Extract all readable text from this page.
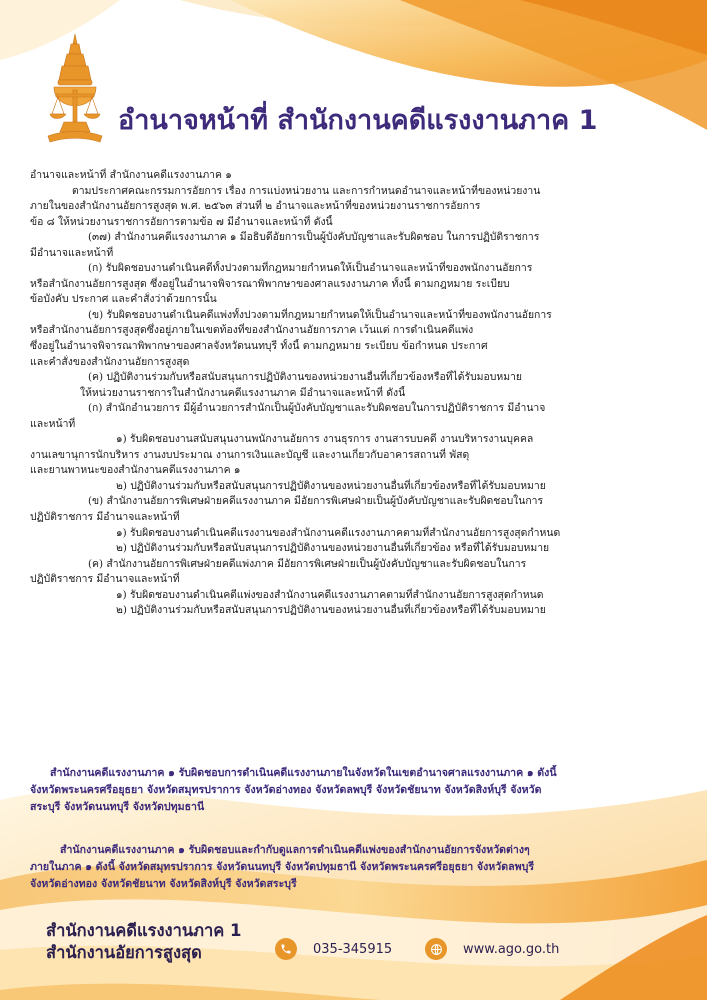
อำนาจหน้าที่ สำนักงานคดีแรงงานภาค 1
อำนาจและหน้าที่ สำนักงานคดีแรงงานภาค ๑
ตามประกาศคณะกรรมการอัยการ เรื่อง การแบ่งหน่วยงาน และการกำหนดอำนาจและหน้าที่ของหน่วยงาน
ภายในของสำนักงานอัยการสูงสุด พ.ศ. ๒๕๖๓ ส่วนที่ ๒ อำนาจและหน้าที่ของหน่วยงานราชการอัยการ
ข้อ ๘ ให้หน่วยงานราชการอัยการตามข้อ ๗ มีอำนาจและหน้าที่ ดังนี้
(๓๗) สำนักงานคดีแรงงานภาค ๑ มีอธิบดีอัยการเป็นผู้บังคับบัญชาและรับผิดชอบ ในการปฏิบัติราชการ
มีอำนาจและหน้าที่
(ก) รับผิดชอบงานดำเนินคดีทั้งปวงตามที่กฎหมายกำหนดให้เป็นอำนาจและหน้าที่ของพนักงานอัยการ
หรือสำนักงานอัยการสูงสุด ซึ่งอยู่ในอำนาจพิจารณาพิพากษาของศาลแรงงานภาค ทั้งนี้ ตามกฎหมาย ระเบียบ
ข้อบังคับ ประกาศ และคำสั่งว่าด้วยการนั้น
(ข) รับผิดชอบงานดำเนินคดีแพ่งทั้งปวงตามที่กฎหมายกำหนดให้เป็นอำนาจและหน้าที่ของพนักงานอัยการ
หรือสำนักงานอัยการสูงสุดซึ่งอยู่ภายในเขตท้องที่ของสำนักงานอัยการภาค เว้นแต่ การดำเนินคดีแพ่ง
ซึ่งอยู่ในอำนาจพิจารณาพิพากษาของศาลจังหวัดนนทบุรี ทั้งนี้ ตามกฎหมาย ระเบียบ ข้อกำหนด ประกาศ
และคำสั่งของสำนักงานอัยการสูงสุด
(ค) ปฏิบัติงานร่วมกับหรือสนับสนุนการปฏิบัติงานของหน่วยงานอื่นที่เกี่ยวข้องหรือที่ได้รับมอบหมาย
ให้หน่วยงานราชการในสำนักงานคดีแรงงานภาค มีอำนาจและหน้าที่ ดังนี้
(ก) สำนักอำนวยการ มีผู้อำนวยการสำนักเป็นผู้บังคับบัญชาและรับผิดชอบในการปฏิบัติราชการ มีอำนาจ
และหน้าที่
๑) รับผิดชอบงานสนับสนุนงานพนักงานอัยการ งานธุรการ งานสารบบคดี งานบริหารงานบุคคล
งานเลขานุการนักบริหาร งานงบประมาณ งานการเงินและบัญชี และงานเกี่ยวกับอาคารสถานที่ พัสดุ
และยานพาหนะของสำนักงานคดีแรงงานภาค ๑
๒) ปฏิบัติงานร่วมกับหรือสนับสนุนการปฏิบัติงานของหน่วยงานอื่นที่เกี่ยวข้องหรือที่ได้รับมอบหมาย
(ข) สำนักงานอัยการพิเศษฝ่ายคดีแรงงานภาค มีอัยการพิเศษฝ่ายเป็นผู้บังคับบัญชาและรับผิดชอบในการ
ปฏิบัติราชการ มีอำนาจและหน้าที่
๑) รับผิดชอบงานดำเนินคดีแรงงานของสำนักงานคดีแรงงานภาคตามที่สำนักงานอัยการสูงสุดกำหนด
๒) ปฏิบัติงานร่วมกับหรือสนับสนุนการปฏิบัติงานของหน่วยงานอื่นที่เกี่ยวข้อง หรือที่ได้รับมอบหมาย
(ค) สำนักงานอัยการพิเศษฝ่ายคดีแพ่งภาค มีอัยการพิเศษฝ่ายเป็นผู้บังคับบัญชาและรับผิดชอบในการ
ปฏิบัติราชการ มีอำนาจและหน้าที่
๑) รับผิดชอบงานดำเนินคดีแพ่งของสำนักงานคดีแรงงานภาคตามที่สำนักงานอัยการสูงสุดกำหนด
๒) ปฏิบัติงานร่วมกับหรือสนับสนุนการปฏิบัติงานของหน่วยงานอื่นที่เกี่ยวข้องหรือที่ได้รับมอบหมาย
สำนักงานคดีแรงงานภาค ๑ รับผิดชอบการดำเนินคดีแรงงานภายในจังหวัดในเขตอำนาจศาลแรงงานภาค ๑ ดังนี้
จังหวัดพระนครศรีอยุธยา จังหวัดสมุทรปราการ จังหวัดอ่างทอง จังหวัดลพบุรี จังหวัดชัยนาท จังหวัดสิงห์บุรี จังหวัด
สระบุรี จังหวัดนนทบุรี จังหวัดปทุมธานี
สำนักงานคดีแรงงานภาค ๑ รับผิดชอบและกำกับดูแลการดำเนินคดีแพ่งของสำนักงานอัยการจังหวัดต่างๆ
ภายในภาค ๑ ดังนี้ จังหวัดสมุทรปราการ จังหวัดนนทบุรี จังหวัดปทุมธานี จังหวัดพระนครศรีอยุธยา จังหวัดลพบุรี
จังหวัดอ่างทอง จังหวัดชัยนาท จังหวัดสิงห์บุรี จังหวัดสระบุรี
สำนักงานคดีแรงงานภาค 1
สำนักงานอัยการสูงสุด	035-345915	www.ago.go.th
